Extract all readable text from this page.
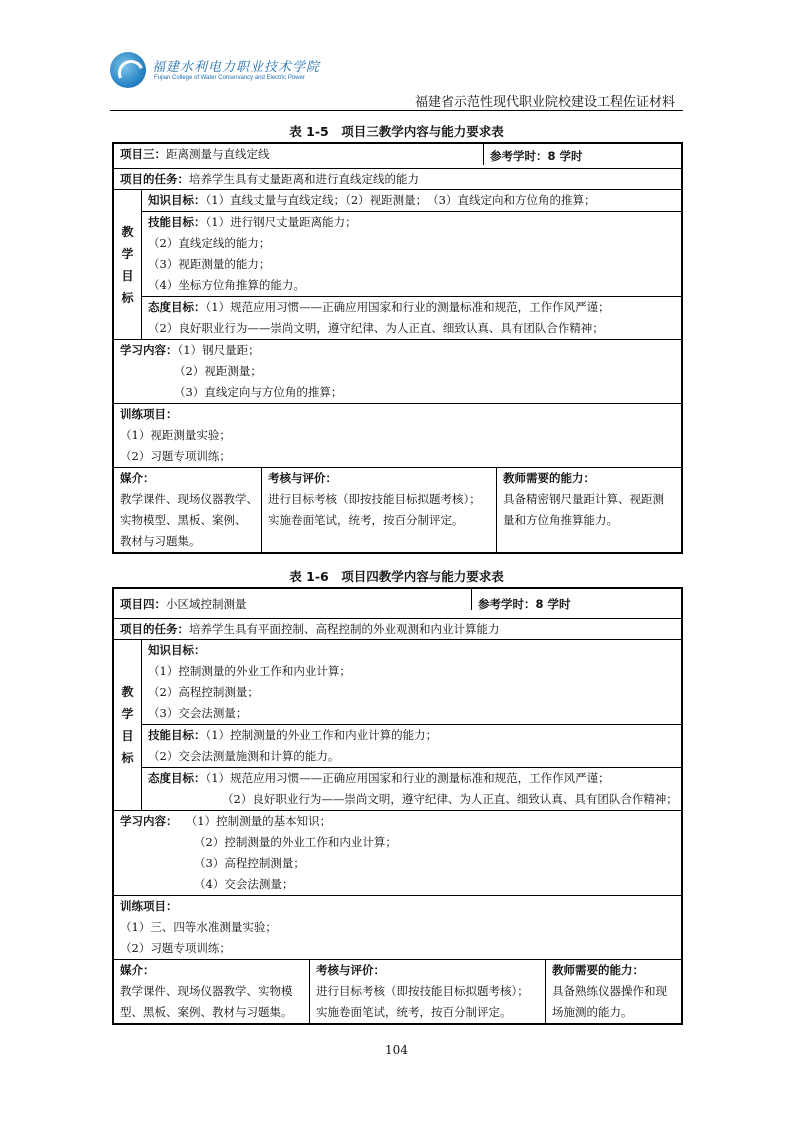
福建水利电力职业技术学院
Fujian College of Water Conservancy and Electric Power
福建省示范性现代职业院校建设工程佐证材料
表 1-5　项目三教学内容与能力要求表
项目三：距离测量与直线定线	参考学时：8 学时
项目的任务：培养学生具有丈量距离和进行直线定线的能力
教
学
目
标
知识目标：（1）直线丈量与直线定线；（2）视距测量；　（3）直线定向和方位角的推算；
技能目标：（1）进行钢尺丈量距离能力；
（2）直线定线的能力；
（3）视距测量的能力；
（4）坐标方位角推算的能力。
态度目标：（1）规范应用习惯——正确应用国家和行业的测量标准和规范，工作作风严谨；
（2）良好职业行为——崇尚文明，遵守纪律、为人正直、细致认真、具有团队合作精神；
学习内容：（1）钢尺量距；
（2）视距测量；
（3）直线定向与方位角的推算；
训练项目：
（1）视距测量实验；
（2）习题专项训练；
媒介：
教学课件、现场仪器教学、
实物模型、黑板、案例、
教材与习题集。
考核与评价：
进行目标考核（即按技能目标拟题考核）；
实施卷面笔试，统考，按百分制评定。
教师需要的能力：
具备精密钢尺量距计算、视距测
量和方位角推算能力。
表 1-6　项目四教学内容与能力要求表
项目四：小区域控制测量	参考学时：8 学时
项目的任务：培养学生具有平面控制、高程控制的外业观测和内业计算能力
教
学
目
标
知识目标：
（1）控制测量的外业工作和内业计算；
（2）高程控制测量；
（3）交会法测量；
技能目标：（1）控制测量的外业工作和内业计算的能力；
（2）交会法测量施测和计算的能力。
态度目标：（1）规范应用习惯——正确应用国家和行业的测量标准和规范，工作作风严谨；
（2）良好职业行为——崇尚文明，遵守纪律、为人正直、细致认真、具有团队合作精神；
学习内容： （1）控制测量的基本知识；
（2）控制测量的外业工作和内业计算；
（3）高程控制测量；
（4）交会法测量；
训练项目：
（1）三、四等水准测量实验；
（2）习题专项训练；
媒介：
教学课件、现场仪器教学、实物模
型、黑板、案例、教材与习题集。
考核与评价：
进行目标考核（即按技能目标拟题考核）；
实施卷面笔试，统考，按百分制评定。
教师需要的能力：
具备熟练仪器操作和现
场施测的能力。
104
